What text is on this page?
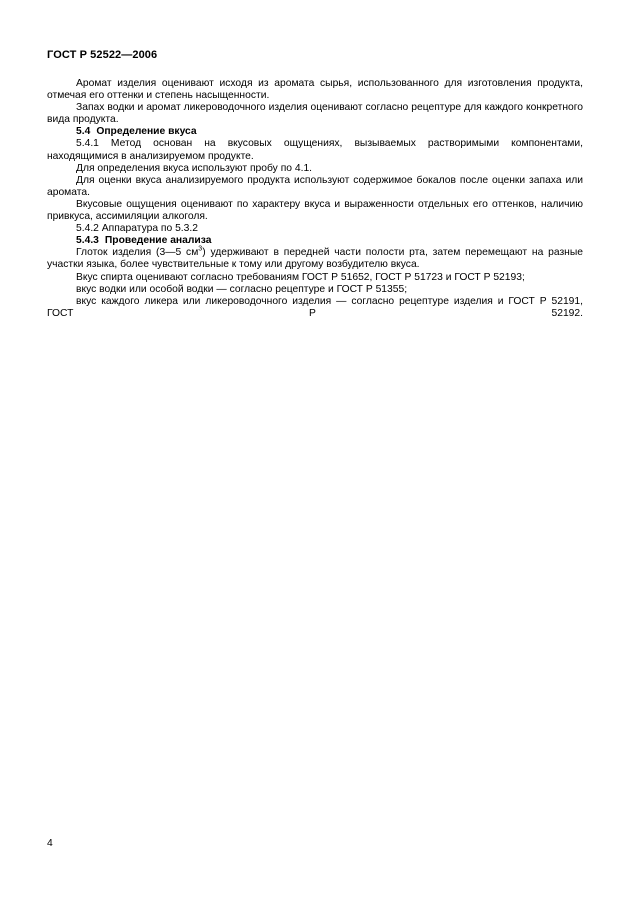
ГОСТ Р 52522—2006

Аромат изделия оценивают исходя из аромата сырья, использованного для изготовления продукта, отмечая его оттенки и степень насыщенности.

Запах водки и аромат ликероводочного изделия оценивают согласно рецептуре для каждого конкретного вида продукта.

5.4 Определение вкуса

5.4.1 Метод основан на вкусовых ощущениях, вызываемых растворимыми компонентами, находящимися в анализируемом продукте.

Для определения вкуса используют пробу по 4.1.

Для оценки вкуса анализируемого продукта используют содержимое бокалов после оценки запаха или аромата.

Вкусовые ощущения оценивают по характеру вкуса и выраженности отдельных его оттенков, наличию привкуса, ассимиляции алкоголя.

5.4.2 Аппаратура по 5.3.2

5.4.3 Проведение анализа

Глоток изделия (3—5 $см^3$) удерживают в передней части полости рта, затем перемещают на разные участки языка, более чувствительные к тому или другому возбудителю вкуса.

Вкус спирта оценивают согласно требованиям ГОСТ Р 51652, ГОСТ Р 51723 и ГОСТ Р 52193;

вкус водки или особой водки — согласно рецептуре и ГОСТ Р 51355;

вкус каждого ликера или ликероводочного изделия — согласно рецептуре изделия и ГОСТ Р 52191, ГОСТ Р 52192.

4
